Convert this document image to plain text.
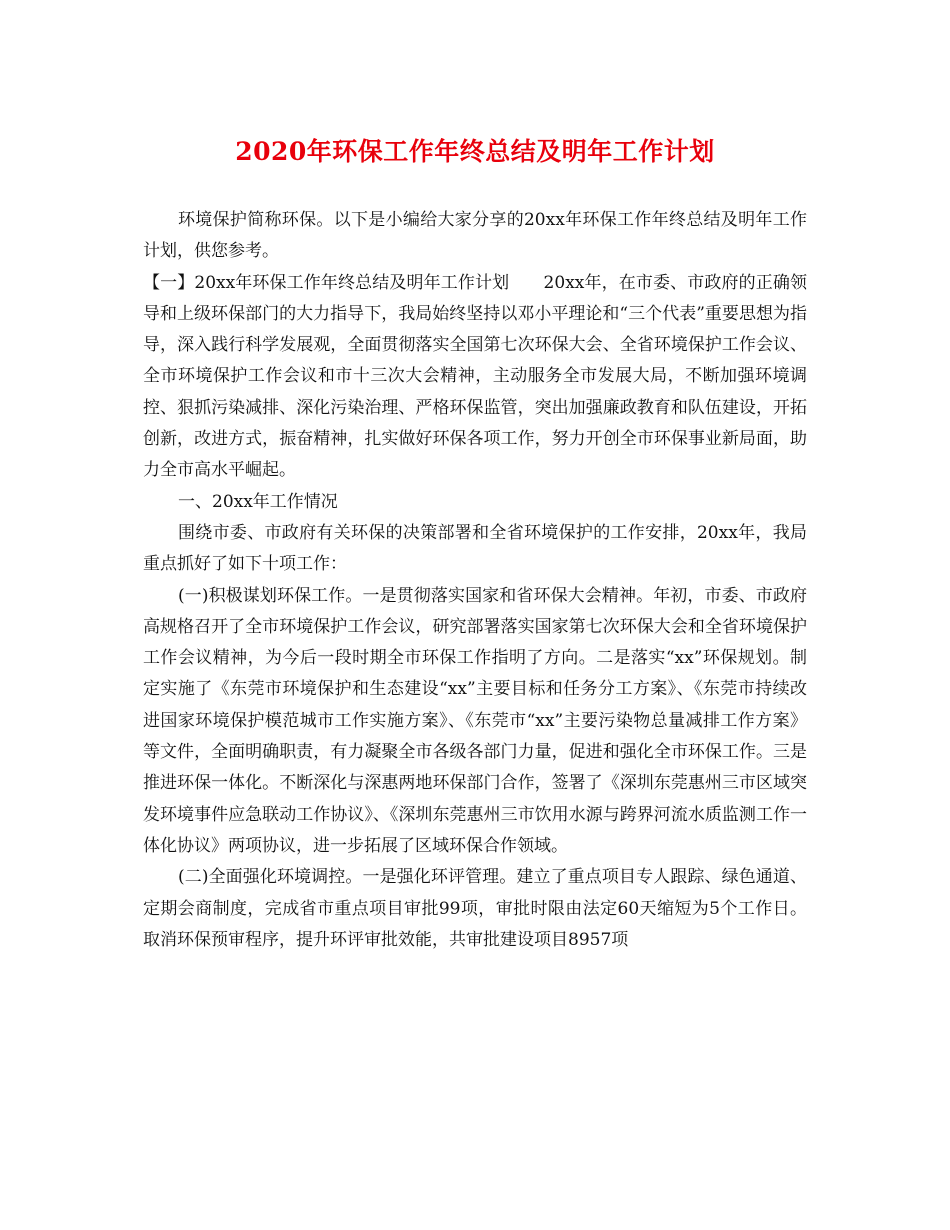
2020年环保工作年终总结及明年工作计划

环境保护简称环保。以下是小编给大家分享的20xx年环保工作年终总结及明年工作计划，供您参考。

【一】20xx年环保工作年终总结及明年工作计划　　20xx年，在市委、市政府的正确领导和上级环保部门的大力指导下，我局始终坚持以邓小平理论和“三个代表”重要思想为指导，深入践行科学发展观，全面贯彻落实全国第七次环保大会、全省环境保护工作会议、全市环境保护工作会议和市十三次大会精神，主动服务全市发展大局，不断加强环境调控、狠抓污染减排、深化污染治理、严格环保监管，突出加强廉政教育和队伍建设，开拓创新，改进方式，振奋精神，扎实做好环保各项工作，努力开创全市环保事业新局面，助力全市高水平崛起。

一、20xx年工作情况

围绕市委、市政府有关环保的决策部署和全省环境保护的工作安排，20xx年，我局重点抓好了如下十项工作：

(一)积极谋划环保工作。一是贯彻落实国家和省环保大会精神。年初，市委、市政府高规格召开了全市环境保护工作会议，研究部署落实国家第七次环保大会和全省环境保护工作会议精神，为今后一段时期全市环保工作指明了方向。二是落实“xx”环保规划。制定实施了《东莞市环境保护和生态建设“xx”主要目标和任务分工方案》、《东莞市持续改进国家环境保护模范城市工作实施方案》、《东莞市“xx”主要污染物总量减排工作方案》等文件，全面明确职责，有力凝聚全市各级各部门力量，促进和强化全市环保工作。三是推进环保一体化。不断深化与深惠两地环保部门合作，签署了《深圳东莞惠州三市区域突发环境事件应急联动工作协议》、《深圳东莞惠州三市饮用水源与跨界河流水质监测工作一体化协议》两项协议，进一步拓展了区域环保合作领域。

(二)全面强化环境调控。一是强化环评管理。建立了重点项目专人跟踪、绿色通道、定期会商制度，完成省市重点项目审批99项，审批时限由法定60天缩短为5个工作日。取消环保预审程序，提升环评审批效能，共审批建设项目8957项
